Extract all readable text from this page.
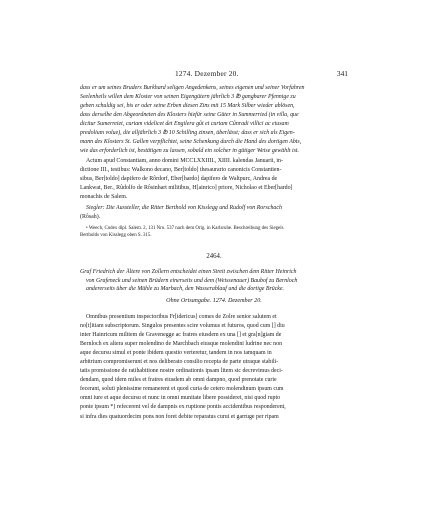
1274. Dezember 20.	341
dass er um seines Bruders Burkhard seligen Angedenkens, seines eigenen und seiner Vorfahren
Seelenheils willen dem Kloster von seinen Eigengütern jährlich 3 ℔ gangbarer Pfennige zu
geben schuldig sei, bis er oder seine Erben diesen Zins mit 15 Mark Silber wieder ablösen,
dass derselbe den Abgeordneten des Klosters hiefür seine Güter in Summerried (in villa, que
dicitur Sumerreiet, curiam videlicet det Engilera gût et curiam Cûnradi villici ac eiusam
predolium volue), die alljährlich 3 ℔ 10 Schilling zinsen, überlässt; dass er sich als Eigen-
mann des Klosters St. Gallen verpflichtet, seine Schenkung durch die Hand des dortigen Abts,
wie das erforderlich ist, bestätigen zu lassen, sobald ein solcher in gütiger Weise gewählt ist.
Actum apud Constantiam, anno domini MCCLXXIIII., XIIII. kalendas Januarii, in-
dictione III., testibus: Walkono decano, Ber[toldo] thesaurario canonicis Constantien-
sibus, Ber[toldo] dapifero de Rôrdorf, Eber[hardo] dapifero de Waltpurc, Andrea de
Lankwat, Ber., Rûdolfo de Rôsinhart militibus, H[ainrico] priore, Nicholao et Eber[hardo]
monachis de Salem.
Siegler: Die Aussteller, die Ritter Berthold von Kisslegg und Rudolf von Rorschach
(Rôsah).
• Weech, Codex dipl. Salem. 2, 131 Nro. 537 nach dem Orig. in Karlsruhe. Beschreibung des Siegels
Bertholds von Kisslegg oben S. 315.
2464.
Graf Friedrich der Ältere von Zollern entscheidet einen Streit zwischen dem Ritter Heinrich
von Grafeneck und seinen Brüdern einerseits und dem (Weissenauer) Baubof zu Bernloch
andererseits über die Mühle zu Marbach, den Wasserablauf und die dortige Brücke.
Ohne Ortsangabe. 1274. Dezember 20.
Omnibus presentium inspectoribus Fr[idericus] comes de Zolre senior salutem et
no[t]itiam subscriptorum. Singulos presentes scire volumus et futuros, quod cum [] diu
inter Hainricum militem de Gravenegge ac fratres eiusdem ex una [] et gra[n]giam de
Bernloch ex altera super molendino de Marchbach eiusque molendini ludrine nec non
aque decursu simul et ponte ibidem questio verteretur, tandem in nos tamquam in
arbitrium compromiserunt et nos deliberato consilio recepta de parte utraque stabili-
tatis promissione de ratihabitione nostre ordinationis ipsam litem sic decrevimus deci-
dendam, quod idem miles et fratres eiusdem ab omni dampno, quod prenotate curie
fecerant, soluti plenissime remanerent et quod curia de cetero molendinum ipsum cum
omni iure et aque decursu et nunc in omni munitate libere possideret, nisi quod rupto
ponte ipsum *) refecerent vel de dampnis ex ruptione pontis accidentibus responderent,
si infra dies quatuordecim pons non foret debite reparatus curui et garruge per ripam
